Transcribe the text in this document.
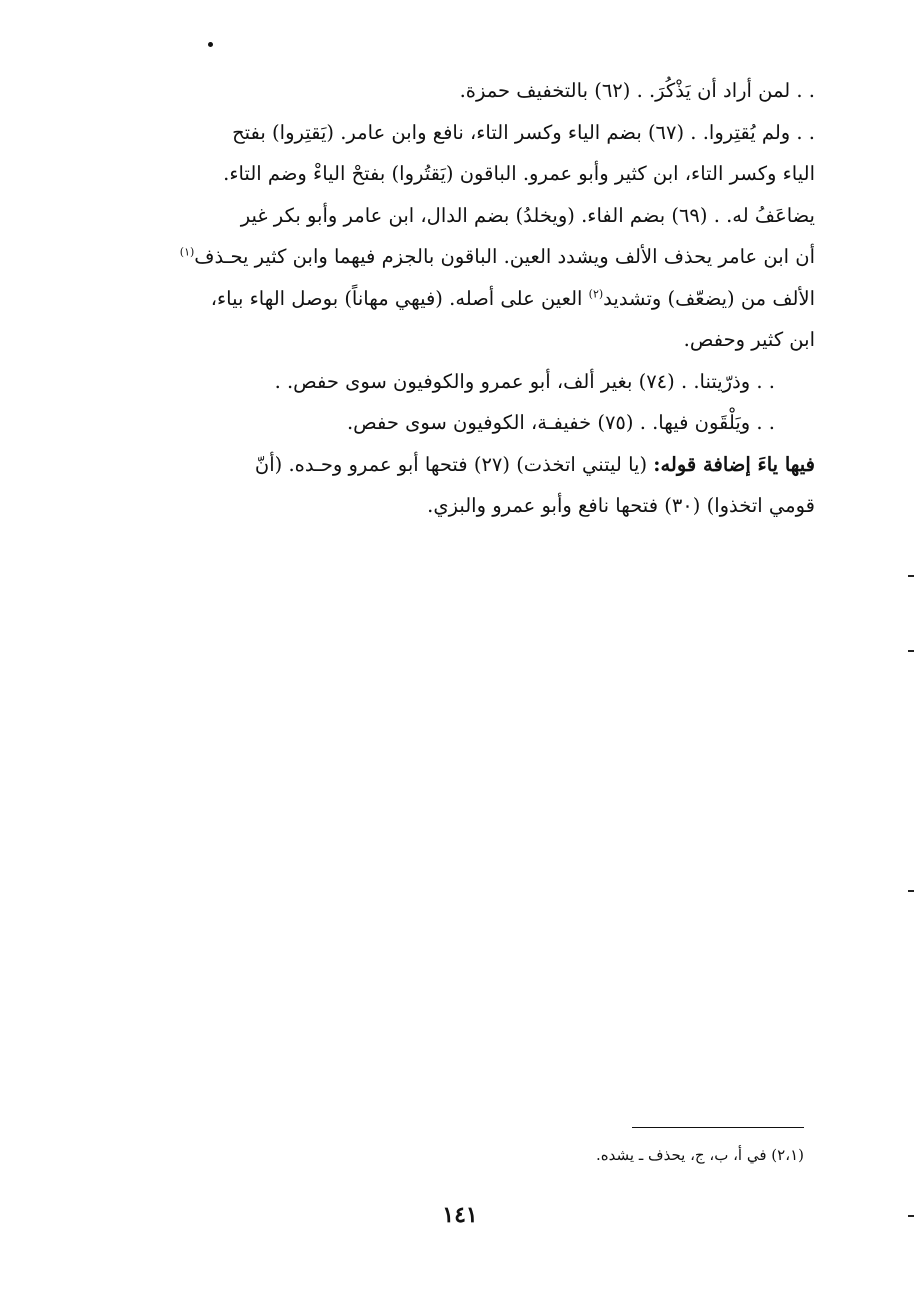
. . لمن أراد أن يَذْكُرَ. . (٦٢) بالتخفيف حمزة.
. . ولم يُقتِروا. . (٦٧) بضم الياء وكسر التاء، نافع وابن عامر. (يَقتِروا) بفتح
الياء وكسر التاء، ابن كثير وأبو عمرو. الباقون (يَقتُروا) بفتحْ الياءْ وضم التاء.
يضاعَفُ له. . (٦٩) بضم الفاء. (ويخلدُ) بضم الدال، ابن عامر وأبو بكر غير
أن ابن عامر يحذف الألف ويشدد العين. الباقون بالجزم فيهما وابن كثير يحـذف$^{(١)}$
الألف من (يضعّف) وتشديد$^{(٢)}$ العين على أصله. (فيهي مهاناً) بوصل الهاء بياء،
ابن كثير وحفص.
. . وذرّيتنا. . (٧٤) بغير ألف، أبو عمرو والكوفيون سوى حفص. .
. . ويَلْقَون فيها. . (٧٥) خفيفـة، الكوفيون سوى حفص.
فيها ياءَ إضافة قوله: (يا ليتني اتخذت) (٢٧) فتحها أبو عمرو وحـده. (أنّ
قومي اتخذوا) (٣٠) فتحها نافع وأبو عمرو والبزي.
(٢،١) في أ، ب، ج، يحذف ـ يشده.
١٤١
